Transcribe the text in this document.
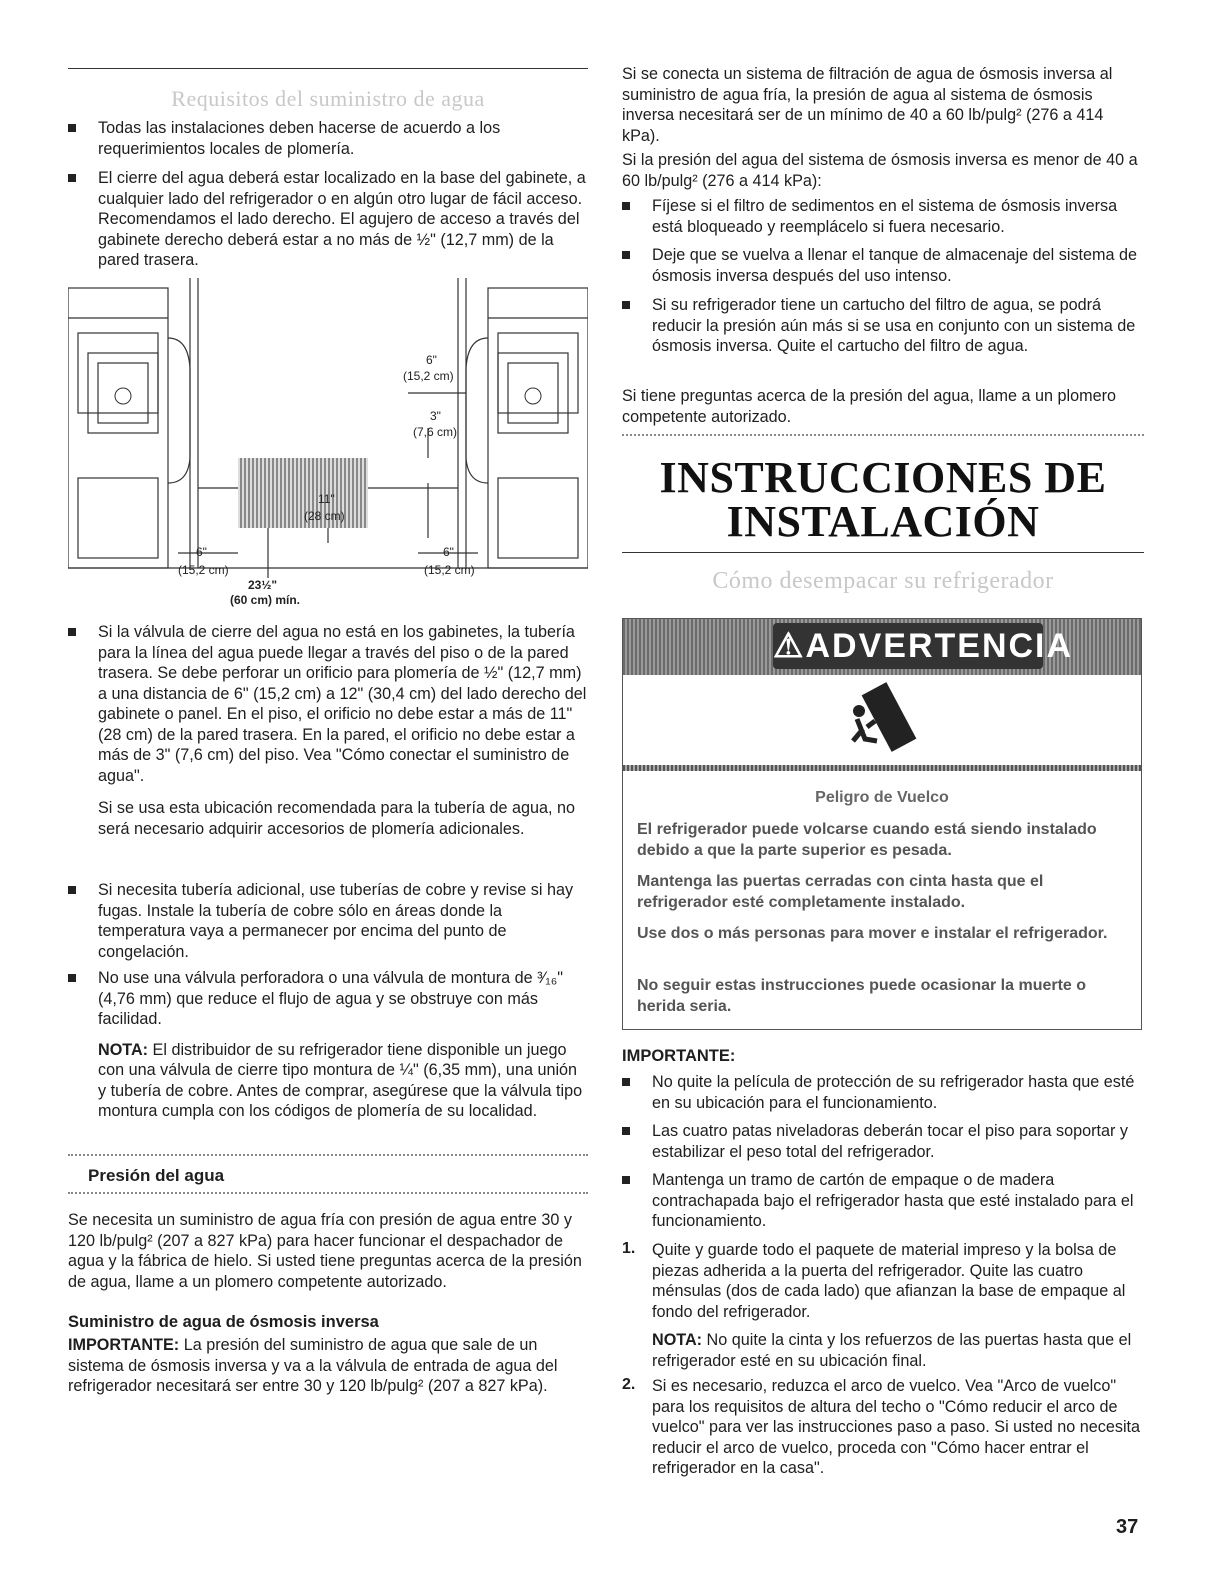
Requisitos del suministro de agua

Todas las instalaciones deben hacerse de acuerdo a los requerimientos locales de plomería.

El cierre del agua deberá estar localizado en la base del gabinete, a cualquier lado del refrigerador o en algún otro lugar de fácil acceso. Recomendamos el lado derecho. El agujero de acceso a través del gabinete derecho deberá estar a no más de ½" (12,7 mm) de la pared trasera.

6"
(15,2 cm)
3"
(7,6 cm)
11"
(28 cm)
6"
(15,2 cm)
6"
(15,2 cm)
23½"
(60 cm) mín.

Si la válvula de cierre del agua no está en los gabinetes, la tubería para la línea del agua puede llegar a través del piso o de la pared trasera. Se debe perforar un orificio para plomería de ½" (12,7 mm) a una distancia de 6" (15,2 cm) a 12" (30,4 cm) del lado derecho del gabinete o panel. En el piso, el orificio no debe estar a más de 11" (28 cm) de la pared trasera. En la pared, el orificio no debe estar a más de 3" (7,6 cm) del piso. Vea "Cómo conectar el suministro de agua".

Si se usa esta ubicación recomendada para la tubería de agua, no será necesario adquirir accesorios de plomería adicionales.

Si necesita tubería adicional, use tuberías de cobre y revise si hay fugas. Instale la tubería de cobre sólo en áreas donde la temperatura vaya a permanecer por encima del punto de congelación.

No use una válvula perforadora o una válvula de montura de ³⁄₁₆" (4,76 mm) que reduce el flujo de agua y se obstruye con más facilidad.

NOTA: El distribuidor de su refrigerador tiene disponible un juego con una válvula de cierre tipo montura de ¼" (6,35 mm), una unión y tubería de cobre. Antes de comprar, asegúrese que la válvula tipo montura cumpla con los códigos de plomería de su localidad.

Presión del agua

Se necesita un suministro de agua fría con presión de agua entre 30 y 120 lb/pulg² (207 a 827 kPa) para hacer funcionar el despachador de agua y la fábrica de hielo. Si usted tiene preguntas acerca de la presión de agua, llame a un plomero competente autorizado.

Suministro de agua de ósmosis inversa

IMPORTANTE: La presión del suministro de agua que sale de un sistema de ósmosis inversa y va a la válvula de entrada de agua del refrigerador necesitará ser entre 30 y 120 lb/pulg² (207 a 827 kPa).

Si se conecta un sistema de filtración de agua de ósmosis inversa al suministro de agua fría, la presión de agua al sistema de ósmosis inversa necesitará ser de un mínimo de 40 a 60 lb/pulg² (276 a 414 kPa).

Si la presión del agua del sistema de ósmosis inversa es menor de 40 a 60 lb/pulg² (276 a 414 kPa):

Fíjese si el filtro de sedimentos en el sistema de ósmosis inversa está bloqueado y reemplácelo si fuera necesario.

Deje que se vuelva a llenar el tanque de almacenaje del sistema de ósmosis inversa después del uso intenso.

Si su refrigerador tiene un cartucho del filtro de agua, se podrá reducir la presión aún más si se usa en conjunto con un sistema de ósmosis inversa. Quite el cartucho del filtro de agua.

Si tiene preguntas acerca de la presión del agua, llame a un plomero competente autorizado.

INSTRUCCIONES DE
INSTALACIÓN
Cómo desempacar su refrigerador
⚠ADVERTENCIA
Peligro de Vuelco
El refrigerador puede volcarse cuando está siendo instalado debido a que la parte superior es pesada.
Mantenga las puertas cerradas con cinta hasta que el refrigerador esté completamente instalado.
Use dos o más personas para mover e instalar el refrigerador.
No seguir estas instrucciones puede ocasionar la muerte o herida seria.

IMPORTANTE:

No quite la película de protección de su refrigerador hasta que esté en su ubicación para el funcionamiento.

Las cuatro patas niveladoras deberán tocar el piso para soportar y estabilizar el peso total del refrigerador.

Mantenga un tramo de cartón de empaque o de madera contrachapada bajo el refrigerador hasta que esté instalado para el funcionamiento.

1. Quite y guarde todo el paquete de material impreso y la bolsa de piezas adherida a la puerta del refrigerador. Quite las cuatro ménsulas (dos de cada lado) que afianzan la base de empaque al fondo del refrigerador.

NOTA: No quite la cinta y los refuerzos de las puertas hasta que el refrigerador esté en su ubicación final.

2. Si es necesario, reduzca el arco de vuelco. Vea "Arco de vuelco" para los requisitos de altura del techo o "Cómo reducir el arco de vuelco" para ver las instrucciones paso a paso. Si usted no necesita reducir el arco de vuelco, proceda con "Cómo hacer entrar el refrigerador en la casa".

37
